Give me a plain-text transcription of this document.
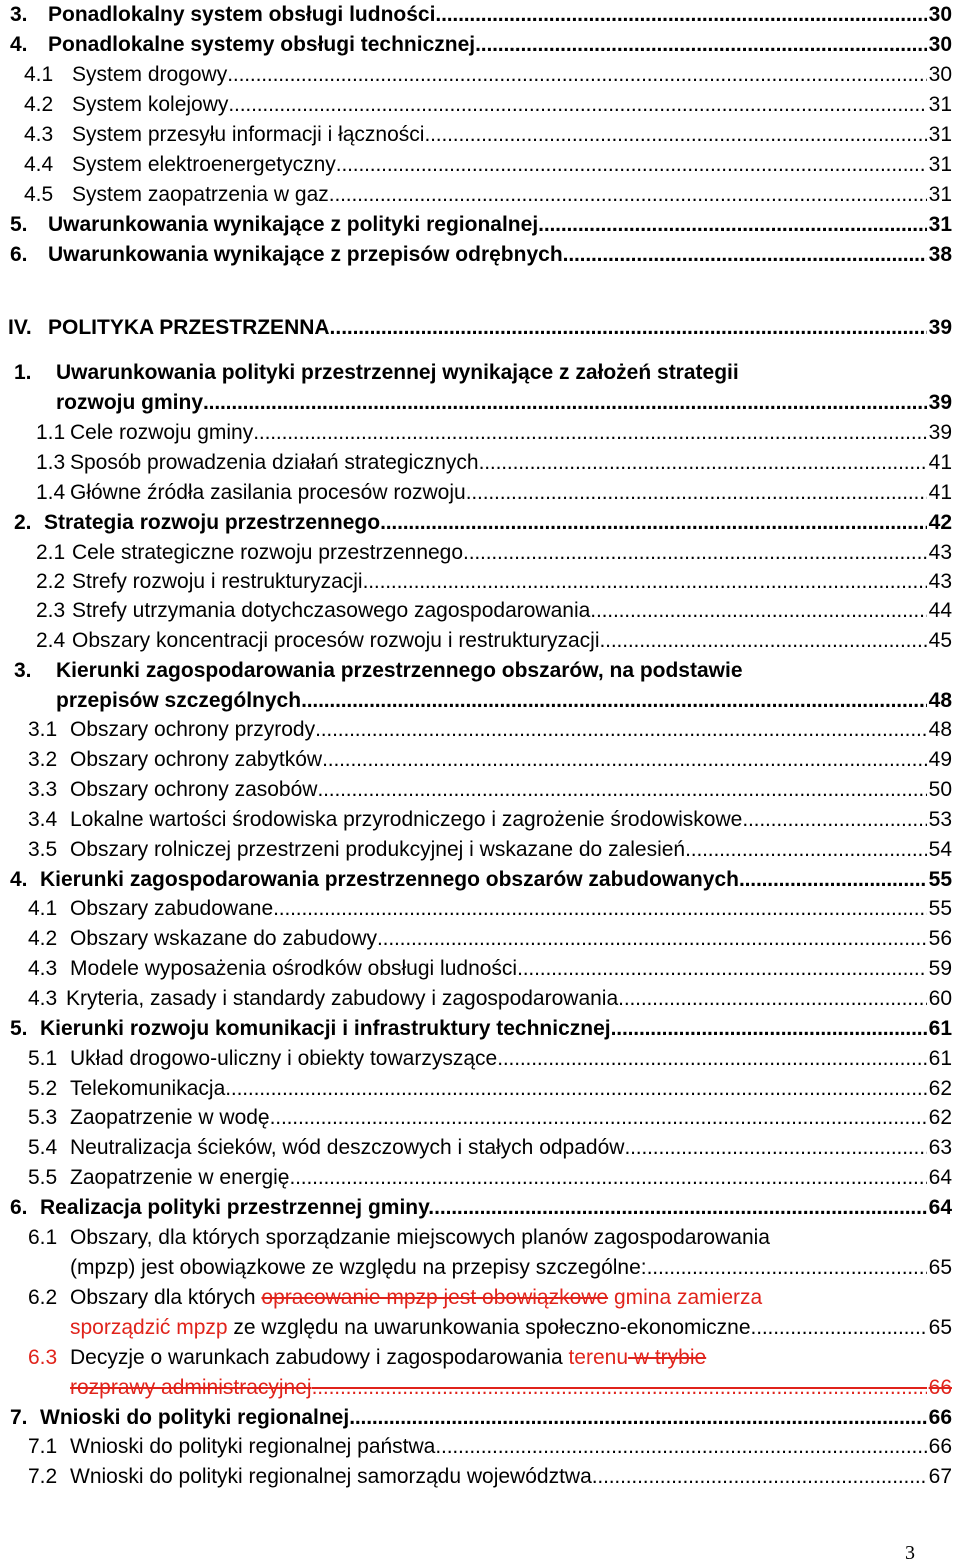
3. Ponadlokalny system obsługi ludności . . .	30
4. Ponadlokalne systemy obsługi technicznej . . .	30
4.1 System drogowy . . .	30
4.2 System kolejowy . . .	31
4.3 System przesyłu informacji i łączności . . .	31
4.4 System elektroenergetyczny . . .	31
4.5 System zaopatrzenia w gaz . . .	31
5. Uwarunkowania wynikające z polityki regionalnej . . .	31
6. Uwarunkowania wynikające z przepisów odrębnych . . .	38
IV. POLITYKA PRZESTRZENNA.. . . .	39
1. Uwarunkowania polityki przestrzennej wynikające z założeń strategii
rozwoju gminy . . .	39
1.1 Cele rozwoju gminy . . .	39
1.3 Sposób prowadzenia działań strategicznych . . .	41
1.4 Główne źródła zasilania procesów rozwoju . . .	41
2. Strategia rozwoju przestrzennego . . .	42
2.1 Cele strategiczne rozwoju przestrzennego . . .	43
2.2 Strefy rozwoju i restrukturyzacji . . .	43
2.3 Strefy utrzymania dotychczasowego zagospodarowania . . .	44
2.4 Obszary koncentracji procesów rozwoju i restrukturyzacji . . .	45
3. Kierunki zagospodarowania przestrzennego obszarów, na podstawie
przepisów szczególnych . . .	48
3.1 Obszary ochrony przyrody . . .	48
3.2 Obszary ochrony zabytków . . .	49
3.3 Obszary ochrony zasobów . . .	50
3.4 Lokalne wartości środowiska przyrodniczego i zagrożenie środowiskowe . . .	53
3.5 Obszary rolniczej przestrzeni produkcyjnej i wskazane do zalesień . . .	54
4. Kierunki zagospodarowania przestrzennego obszarów zabudowanych . . .	55
4.1 Obszary zabudowane . . .	55
4.2 Obszary wskazane do zabudowy . . .	56
4.3 Modele wyposażenia ośrodków obsługi ludności . . .	59
4.3 Kryteria, zasady i standardy zabudowy i zagospodarowania . . .	60
5. Kierunki rozwoju komunikacji i infrastruktury technicznej . . .	61
5.1 Układ drogowo-uliczny i obiekty towarzyszące . . .	61
5.2 Telekomunikacja . . .	62
5.3 Zaopatrzenie w wodę . . .	62
5.4 Neutralizacja ścieków, wód deszczowych i stałych odpadów . . .	63
5.5 Zaopatrzenie w energię . . .	64
6. Realizacja polityki przestrzennej gminy.. . . .	64
6.1 Obszary, dla których sporządzanie miejscowych planów zagospodarowania
(mpzp) jest obowiązkowe ze względu na przepisy szczególne: . . .	65
6.2 Obszary dla których opracowanie mpzp jest obowiązkowe gmina zamierza
sporządzić mpzp ze względu na uwarunkowania społeczno-ekonomiczne . . .	65
6.3 Decyzje o warunkach zabudowy i zagospodarowania terenu w trybie
rozprawy administracyjnej . . .	66
7. Wnioski do polityki regionalnej . . .	66
7.1 Wnioski do polityki regionalnej państwa . . .	66
7.2 Wnioski do polityki regionalnej samorządu województwa . . .	67
3
